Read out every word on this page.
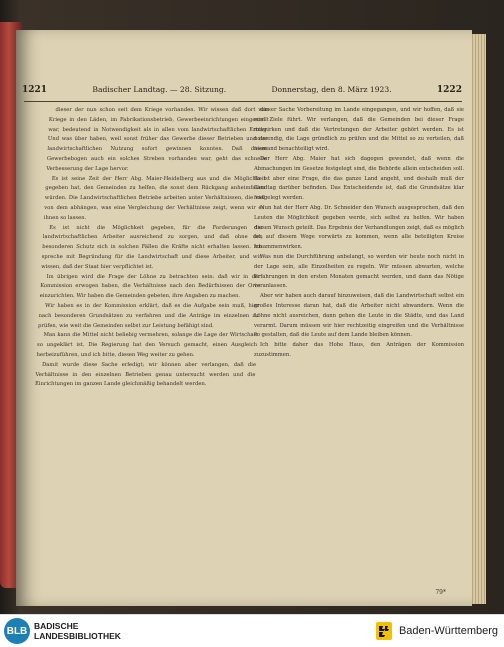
1221	Badischer Landtag. — 28. Sitzung.	Donnerstag, den 8. März 1923.	1222

dieser der nun schon seit dem Kriege vorhanden. Wir wissen daß dort vom Kriege in den Läden, im Fabrikationsbetrieb, Gewerbeeinrichtungen eingestellt war, bedeutend in Notwendigkeit als in allen vom landwirtschaftlichen Ertrag. Und was über haben, weil sonst früher das Gewerbe dieser Betrieben und der landwirtschaftlichen Nutzung sofort gewinnen konnten. Daß dieser Gewerbebogen auch ein solches Streben vorhanden war, geht das schnelle Verbesserung der Lage hervor.

Es ist seine Zeit der Herr Abg. Maier-Heidelberg aus und die Möglichkeit gegeben hat, den Gemeinden zu helfen, die sonst dem Rückgang anheimfallen würden. Die Landwirtschaftlichen Betriebe arbeiten unter Verhältnissen, die viel von dem abhängen, was eine Vergleichung der Verhältnisse zeigt, wenn wir es ihnen so lassen.

Es ist nicht die Möglichkeit gegeben, für die Forderungen der landwirtschaftlichen Arbeiter ausreichend zu sorgen, und daß ohne den besonderen Schutz sich in solchen Fällen die Kräfte nicht erhalten lassen. Ich spreche mit Begründung für die Landwirtschaft und diese Arbeiter, und wir wissen, daß der Staat hier verpflichtet ist.

Im übrigen wird die Frage der Löhne zu betrachten sein: daß wir in der Kommission erwogen haben, die Verhältnisse nach den Bedürfnissen der Orte einzurichten. Wir haben die Gemeinden gebeten, ihre Angaben zu machen.

Wir haben es in der Kommission erklärt, daß es die Aufgabe sein muß, hier nach besonderen Grundsätzen zu verfahren und die Anträge im einzelnen zu prüfen, wie weit die Gemeinden selbst zur Leistung befähigt sind.

Man kann die Mittel nicht beliebig vermehren, solange die Lage der Wirtschaft so ungeklärt ist. Die Regierung hat den Versuch gemacht, einen Ausgleich herbeizuführen, und ich bitte, diesen Weg weiter zu gehen.

Damit wurde diese Sache erledigt; wir können aber verlangen, daß die Verhältnisse in den einzelnen Betrieben genau untersucht werden und die Einrichtungen im ganzen Lande gleichmäßig behandelt werden.

dieser Sache Vorbereitung im Lande eingegangen, und wir hoffen, daß sie zum Ziele führt. Wir verlangen, daß die Gemeinden bei dieser Frage mitwirken und daß die Vertretungen der Arbeiter gehört werden. Es ist notwendig, die Lage gründlich zu prüfen und die Mittel so zu verteilen, daß niemand benachteiligt wird.

Der Herr Abg. Maier hat sich dagegen gewendet, daß wenn die Abmachungen im Gesetze festgelegt sind, die Behörde allein entscheiden soll. Es ist aber eine Frage, die das ganze Land angeht, und deshalb muß der Landtag darüber befinden. Das Entscheidende ist, daß die Grundsätze klar festgelegt werden.

Nun hat der Herr Abg. Dr. Schneider den Wunsch ausgesprochen, daß den Leuten die Möglichkeit gegeben werde, sich selbst zu helfen. Wir haben diesen Wunsch geteilt. Das Ergebnis der Verhandlungen zeigt, daß es möglich ist, auf diesem Wege vorwärts zu kommen, wenn alle beteiligten Kreise zusammenwirken.

Was nun die Durchführung anbelangt, so werden wir heute noch nicht in der Lage sein, alle Einzelheiten zu regeln. Wir müssen abwarten, welche Erfahrungen in den ersten Monaten gemacht werden, und dann das Nötige veranlassen.

Aber wir haben auch darauf hinzuweisen, daß die Landwirtschaft selbst ein großes Interesse daran hat, daß die Arbeiter nicht abwandern. Wenn die Löhne nicht ausreichen, dann gehen die Leute in die Städte, und das Land verarmt. Darum müssen wir hier rechtzeitig eingreifen und die Verhältnisse so gestalten, daß die Leute auf dem Lande bleiben können.

Ich bitte daher das Hohe Haus, den Anträgen der Kommission zuzustimmen.

79*
BLB BADISCHE
LANDESBIBLIOTHEK	Baden-Württemberg
